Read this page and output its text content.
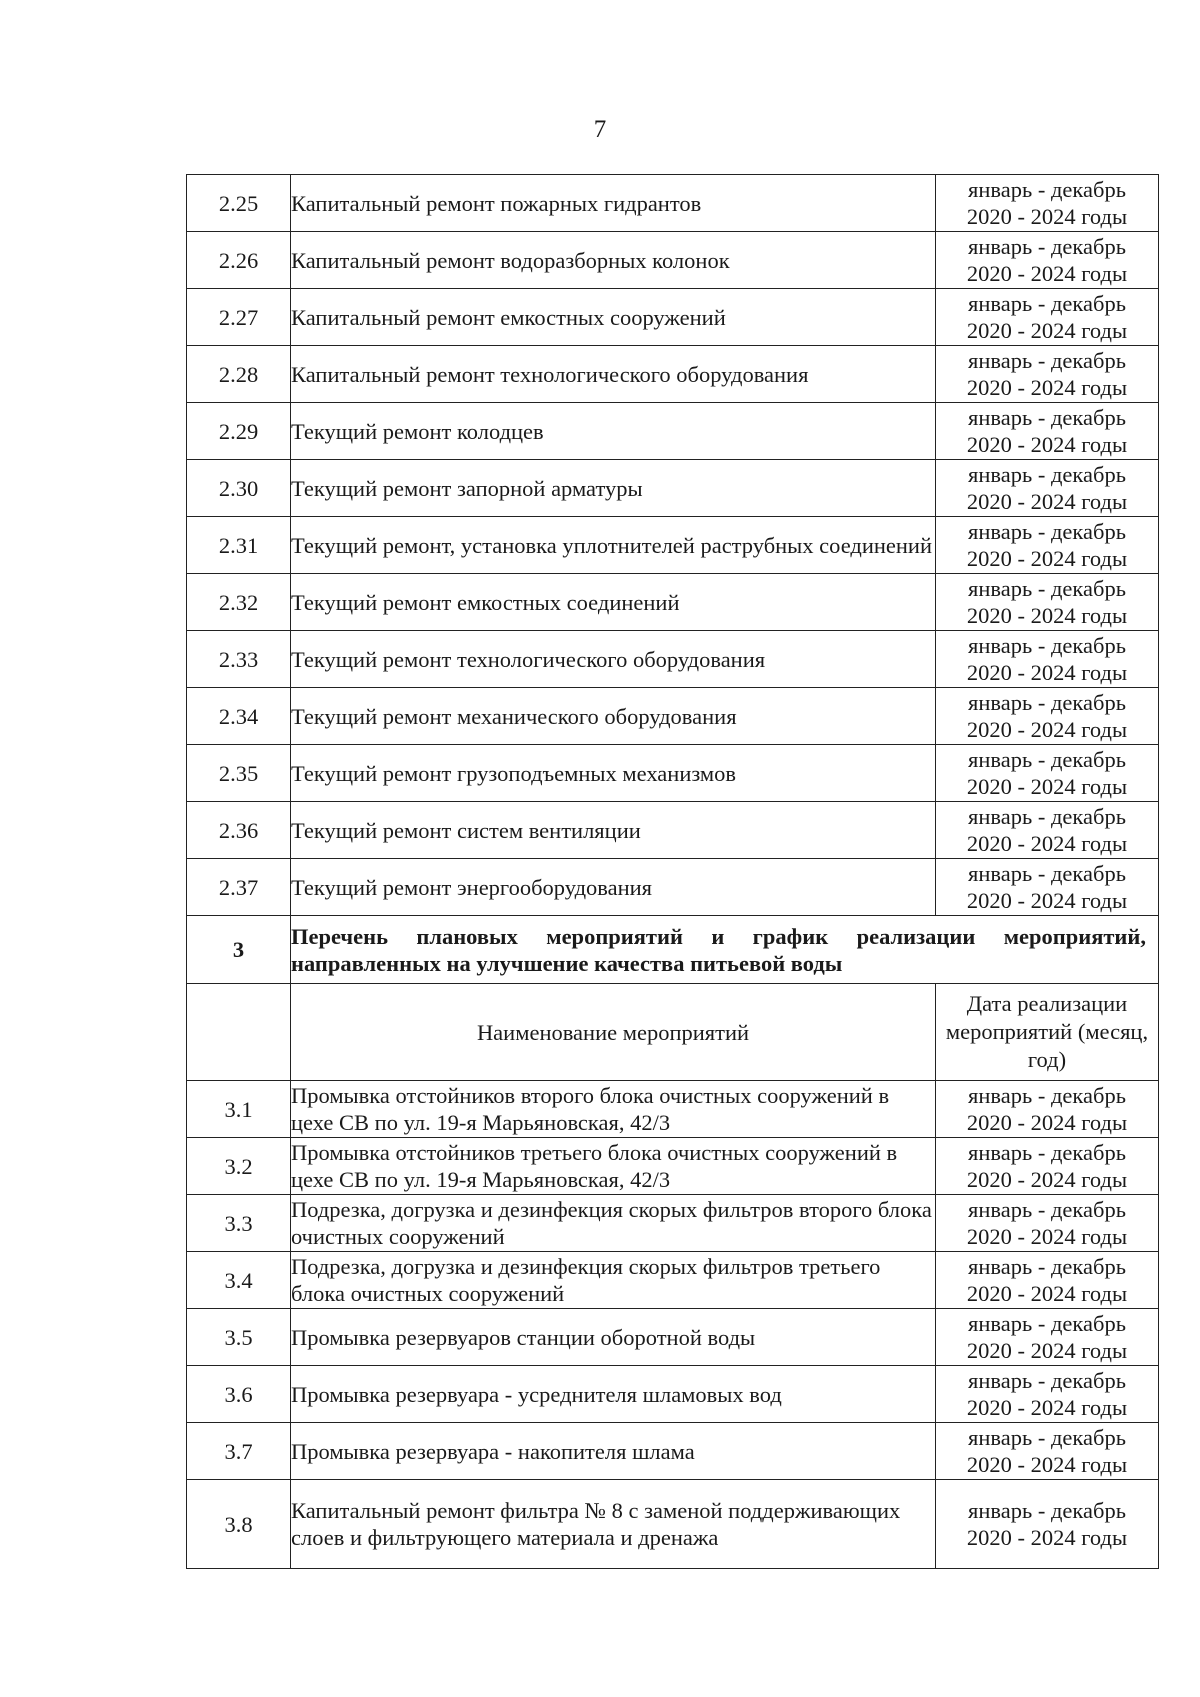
7
2.25	Капитальный ремонт пожарных гидрантов	январь - декабрь
2020 - 2024 годы

2.26	Капитальный ремонт водоразборных колонок	январь - декабрь
2020 - 2024 годы

2.27	Капитальный ремонт емкостных сооружений	январь - декабрь
2020 - 2024 годы

2.28	Капитальный ремонт технологического оборудования	январь - декабрь
2020 - 2024 годы

2.29	Текущий ремонт колодцев	январь - декабрь
2020 - 2024 годы

2.30	Текущий ремонт запорной арматуры	январь - декабрь
2020 - 2024 годы

2.31	Текущий ремонт, установка уплотнителей раструбных соединений	январь - декабрь
2020 - 2024 годы

2.32	Текущий ремонт емкостных соединений	январь - декабрь
2020 - 2024 годы

2.33	Текущий ремонт технологического оборудования	январь - декабрь
2020 - 2024 годы

2.34	Текущий ремонт механического оборудования	январь - декабрь
2020 - 2024 годы

2.35	Текущий ремонт грузоподъемных механизмов	январь - декабрь
2020 - 2024 годы

2.36	Текущий ремонт систем вентиляции	январь - декабрь
2020 - 2024 годы

2.37	Текущий ремонт энергооборудования	январь - декабрь
2020 - 2024 годы

3	Перечень плановых мероприятий и график реализации мероприятий, направленных на улучшение качества питьевой воды	
	Наименование мероприятий	Дата реализации мероприятий (месяц, год)
3.1	Промывка отстойников второго блока очистных сооружений в цехе СВ по ул. 19-я Марьяновская, 42/3	январь - декабрь
2020 - 2024 годы

3.2	Промывка отстойников третьего блока очистных сооружений в цехе СВ по ул. 19-я Марьяновская, 42/3	январь - декабрь
2020 - 2024 годы

3.3	Подрезка, догрузка и дезинфекция скорых фильтров второго блока очистных сооружений	январь - декабрь
2020 - 2024 годы

3.4	Подрезка, догрузка и дезинфекция скорых фильтров третьего блока очистных сооружений	январь - декабрь
2020 - 2024 годы

3.5	Промывка резервуаров станции оборотной воды	январь - декабрь
2020 - 2024 годы

3.6	Промывка резервуара - усреднителя шламовых вод	январь - декабрь
2020 - 2024 годы

3.7	Промывка резервуара - накопителя шлама	январь - декабрь
2020 - 2024 годы

3.8	Капитальный ремонт фильтра № 8 с заменой поддерживающих слоев и фильтрующего материала и дренажа	январь - декабрь
2020 - 2024 годы
